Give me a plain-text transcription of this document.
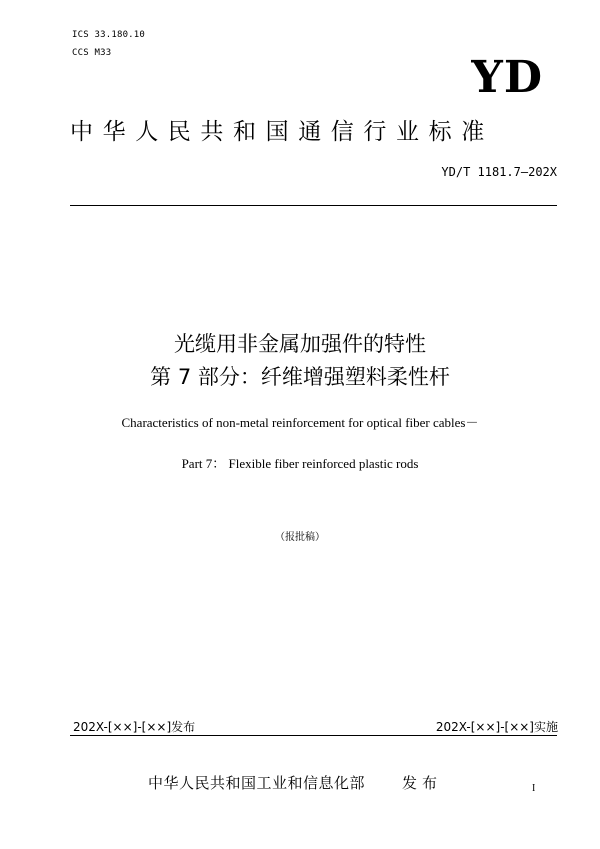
ICS 33.180.10
CCS M33	YD
中华人民共和国通信行业标准
YD/T 1181.7—202X
光缆用非金属加强件的特性
第 7 部分：纤维增强塑料柔性杆
Characteristics of non-metal reinforcement for optical fiber cables－
Part 7： Flexible fiber reinforced plastic rods
（报批稿）
202X-[××]-[××]发布	202X-[××]-[××]实施
中华人民共和国工业和信息化部 发布	I
